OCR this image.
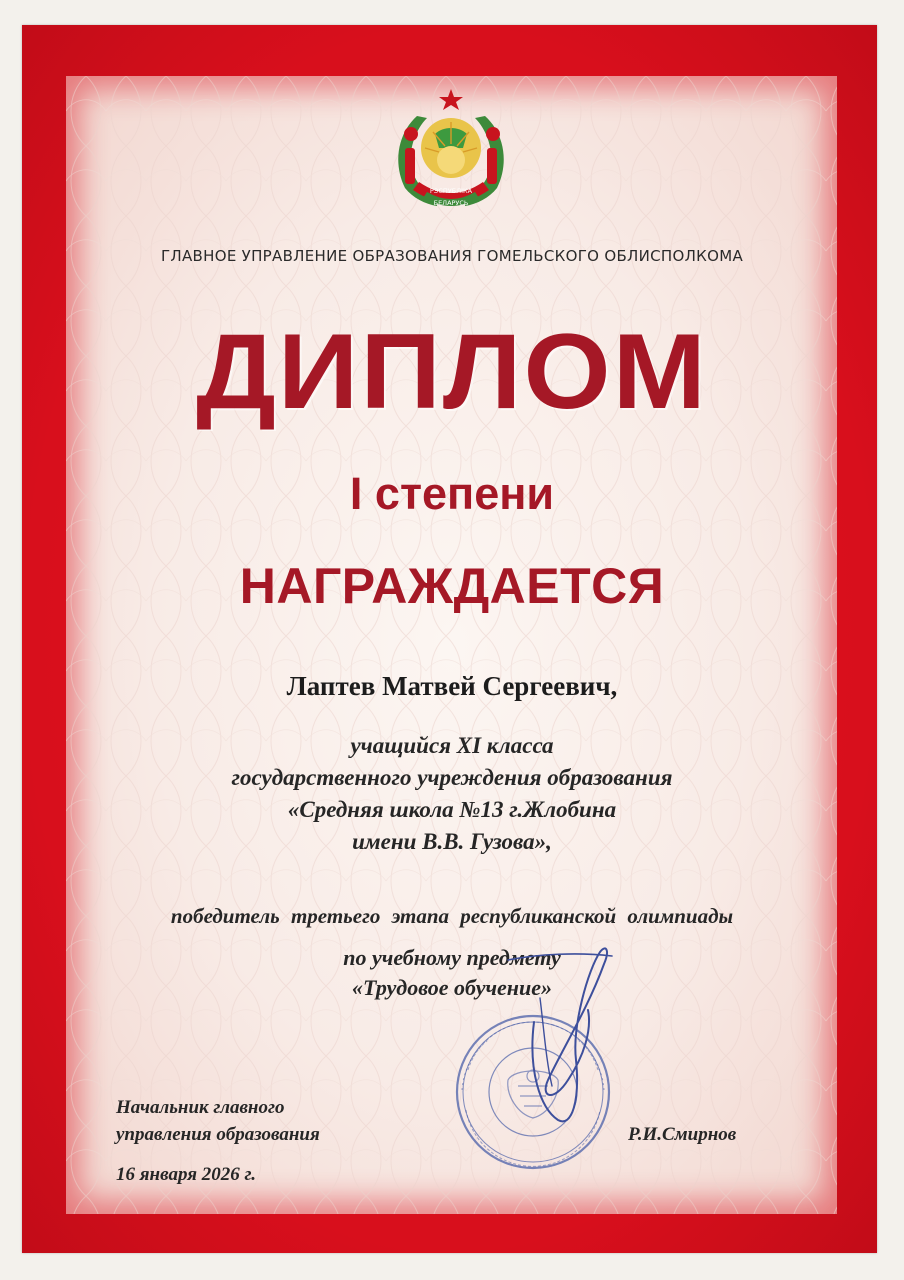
РЭСПУБЛІКА
БЕЛАРУСЬ
ГЛАВНОЕ УПРАВЛЕНИЕ ОБРАЗОВАНИЯ ГОМЕЛЬСКОГО ОБЛИСПОЛКОМА
ДИПЛОМ
I степени
НАГРАЖДАЕТСЯ
Лаптев Матвей Сергеевич,
учащийся XI класса
государственного учреждения образования
«Средняя школа №13 г.Жлобина
имени В.В. Гузова»,
победитель третьего этапа республиканской олимпиады
по учебному предмету
«Трудовое обучение»
Начальник главного
управления образования	Р.И.Смирнов
16 января 2026 г.
